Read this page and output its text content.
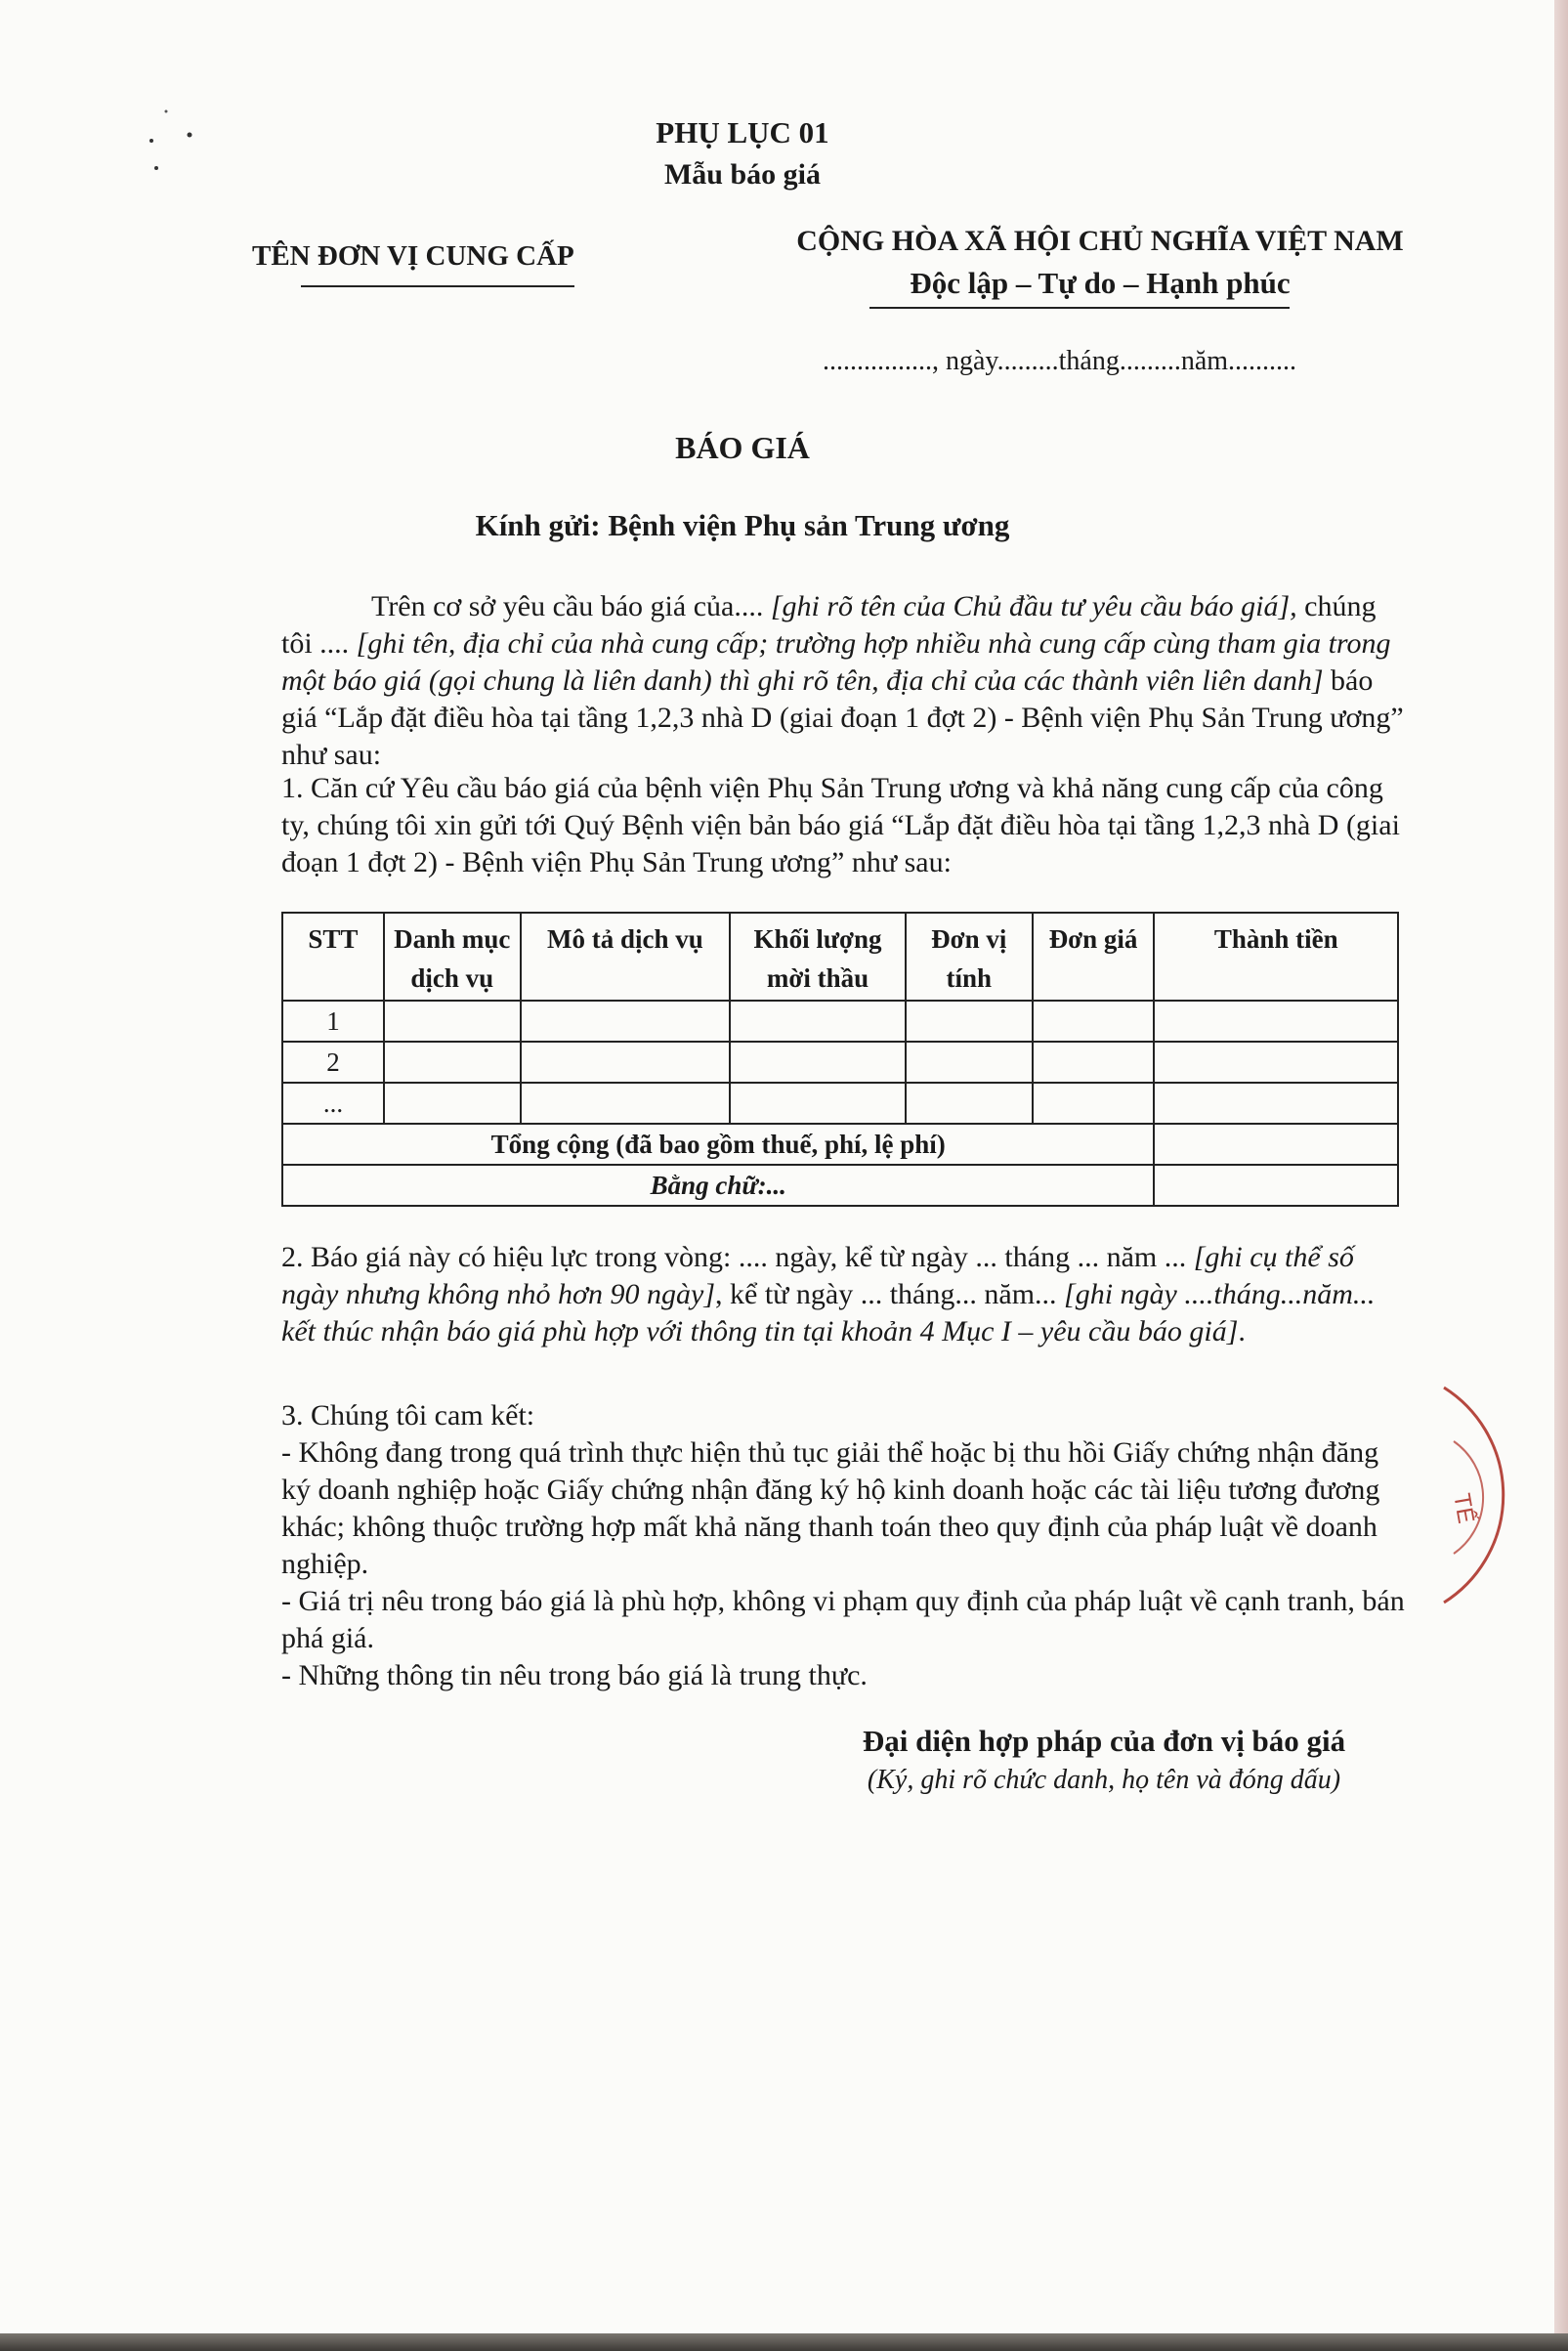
PHỤ LỤC 01
Mẫu báo giá
TÊN ĐƠN VỊ CUNG CẤP	CỘNG HÒA XÃ HỘI CHỦ NGHĨA VIỆT NAM
Độc lập – Tự do – Hạnh phúc
................, ngày.........tháng.........năm..........
BÁO GIÁ
Kính gửi: Bệnh viện Phụ sản Trung ương
Trên cơ sở yêu cầu báo giá của.... [ghi rõ tên của Chủ đầu tư yêu cầu báo giá], chúng tôi .... [ghi tên, địa chỉ của nhà cung cấp; trường hợp nhiều nhà cung cấp cùng tham gia trong một báo giá (gọi chung là liên danh) thì ghi rõ tên, địa chỉ của các thành viên liên danh] báo giá “Lắp đặt điều hòa tại tầng 1,2,3 nhà D (giai đoạn 1 đợt 2) - Bệnh viện Phụ Sản Trung ương” như sau:
1. Căn cứ Yêu cầu báo giá của bệnh viện Phụ Sản Trung ương và khả năng cung cấp của công ty, chúng tôi xin gửi tới Quý Bệnh viện bản báo giá “Lắp đặt điều hòa tại tầng 1,2,3 nhà D (giai đoạn 1 đợt 2) - Bệnh viện Phụ Sản Trung ương” như sau:
STT	Danh mục dịch vụ	Mô tả dịch vụ	Khối lượng mời thầu	Đơn vị tính	Đơn giá	Thành tiền
1						
2						
...						
Tổng cộng (đã bao gồm thuế, phí, lệ phí)						
Bằng chữ:...						
2. Báo giá này có hiệu lực trong vòng: .... ngày, kể từ ngày ... tháng ... năm ... [ghi cụ thể số ngày nhưng không nhỏ hơn 90 ngày], kể từ ngày ... tháng... năm... [ghi ngày ....tháng...năm... kết thúc nhận báo giá phù hợp với thông tin tại khoản 4 Mục I – yêu cầu báo giá].
3. Chúng tôi cam kết:
- Không đang trong quá trình thực hiện thủ tục giải thể hoặc bị thu hồi Giấy chứng nhận đăng ký doanh nghiệp hoặc Giấy chứng nhận đăng ký hộ kinh doanh hoặc các tài liệu tương đương khác; không thuộc trường hợp mất khả năng thanh toán theo quy định của pháp luật về doanh nghiệp.
- Giá trị nêu trong báo giá là phù hợp, không vi phạm quy định của pháp luật về cạnh tranh, bán phá giá.
- Những thông tin nêu trong báo giá là trung thực.
Đại diện hợp pháp của đơn vị báo giá
(Ký, ghi rõ chức danh, họ tên và đóng dấu)
TẾ
